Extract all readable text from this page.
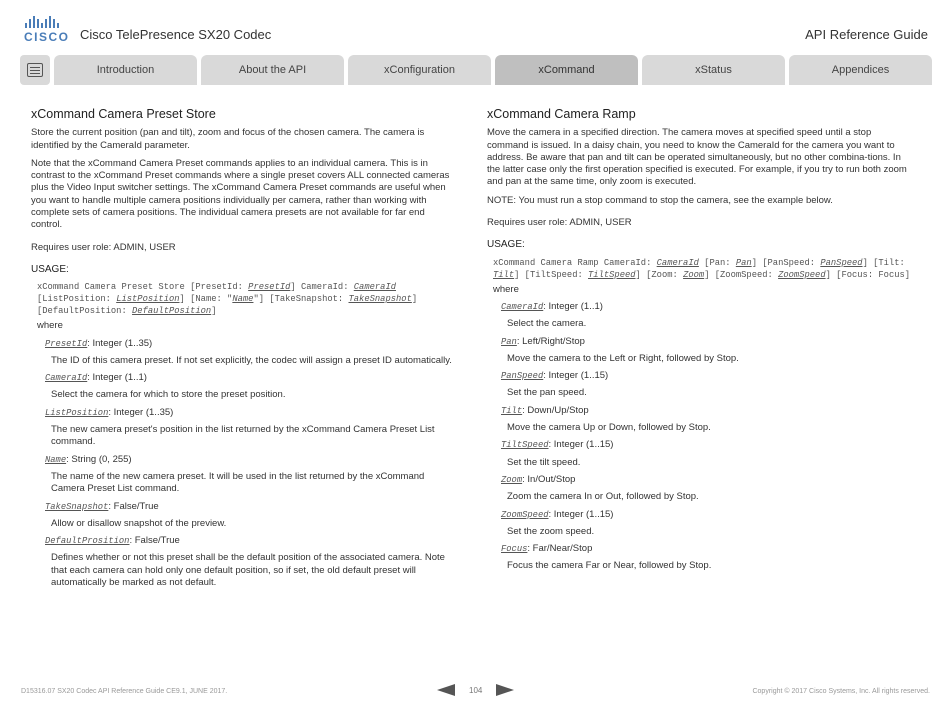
CISCO Cisco TelePresence SX20 Codec	API Reference Guide
Introduction	About the API	xConfiguration	xCommand	xStatus	Appendices
xCommand Camera Preset Store

Store the current position (pan and tilt), zoom and focus of the chosen camera. The camera is identified by the CameraId parameter.

Note that the xCommand Camera Preset commands applies to an individual camera. This is in contrast to the xCommand Preset commands where a single preset covers ALL connected cameras plus the Video Input switcher settings. The xCommand Camera Preset commands are useful when you want to handle multiple camera positions individually per camera, rather than working with complete sets of camera positions. The individual camera presets are not available for far end control.

Requires user role: ADMIN, USER

USAGE:
xCommand Camera Preset Store [PresetId: PresetId] CameraId: CameraId
[ListPosition: ListPosition] [Name: "Name"] [TakeSnapshot: TakeSnapshot]
[DefaultPosition: DefaultPosition]
where
PresetId: Integer (1..35)
The ID of this camera preset. If not set explicitly, the codec will assign a preset ID automatically.
CameraId: Integer (1..1)
Select the camera for which to store the preset position.
ListPosition: Integer (1..35)
The new camera preset's position in the list returned by the xCommand Camera Preset List command.
Name: String (0, 255)
The name of the new camera preset. It will be used in the list returned by the xCommand Camera Preset List command.
TakeSnapshot: False/True
Allow or disallow snapshot of the preview.
DefaultProsition: False/True
Defines whether or not this preset shall be the default position of the associated camera. Note that each camera can hold only one default position, so if set, the old default preset will automatically be marked as not default.
xCommand Camera Ramp

Move the camera in a specified direction. The camera moves at specified speed until a stop command is issued. In a daisy chain, you need to know the CameraId for the camera you want to address. Be aware that pan and tilt can be operated simultaneously, but no other combina-tions. In the latter case only the first operation specified is executed. For example, if you try to run both zoom and pan at the same time, only zoom is executed.

NOTE: You must run a stop command to stop the camera, see the example below.

Requires user role: ADMIN, USER

USAGE:
xCommand Camera Ramp CameraId: CameraId [Pan: Pan] [PanSpeed: PanSpeed] [Tilt:
Tilt] [TiltSpeed: TiltSpeed] [Zoom: Zoom] [ZoomSpeed: ZoomSpeed] [Focus: Focus]
where
CameraId: Integer (1..1)
Select the camera.
Pan: Left/Right/Stop
Move the camera to the Left or Right, followed by Stop.
PanSpeed: Integer (1..15)
Set the pan speed.
Tilt: Down/Up/Stop
Move the camera Up or Down, followed by Stop.
TiltSpeed: Integer (1..15)
Set the tilt speed.
Zoom: In/Out/Stop
Zoom the camera In or Out, followed by Stop.
ZoomSpeed: Integer (1..15)
Set the zoom speed.
Focus: Far/Near/Stop
Focus the camera Far or Near, followed by Stop.
D15316.07 SX20 Codec API Reference Guide CE9.1, JUNE 2017.	104	Copyright © 2017 Cisco Systems, Inc. All rights reserved.
